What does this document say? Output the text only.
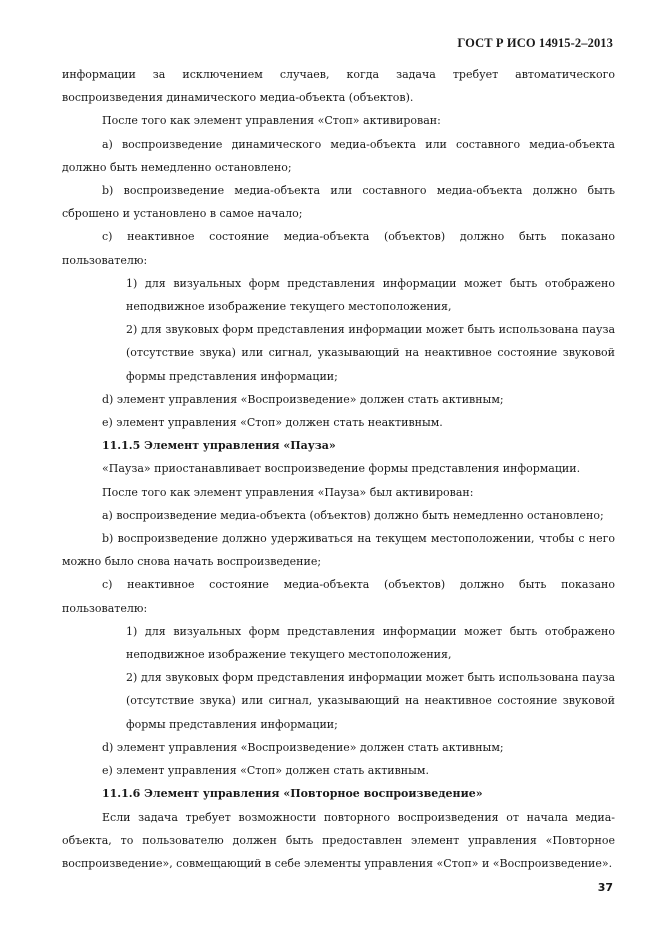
ГОСТ Р ИСО 14915-2–2013

информации за исключением случаев, когда задача требует автоматического воспроизведения динамического медиа-объекта (объектов).

После того как элемент управления «Стоп» активирован:

a) воспроизведение динамического медиа-объекта или составного медиа-объекта должно быть немедленно остановлено;

b) воспроизведение медиа-объекта или составного медиа-объекта должно быть сброшено и установлено в самое начало;

c) неактивное состояние медиа-объекта (объектов) должно быть показано пользователю:

1) для визуальных форм представления информации может быть отображено неподвижное изображение текущего местоположения,

2) для звуковых форм представления информации может быть использована пауза (отсутствие звука) или сигнал, указывающий на неактивное состояние звуковой формы представления информации;

d) элемент управления «Воспроизведение» должен стать активным;

e) элемент управления «Стоп» должен стать неактивным.

11.1.5 Элемент управления «Пауза»

«Пауза» приостанавливает воспроизведение формы представления информации.

После того как элемент управления «Пауза» был активирован:

a) воспроизведение медиа-объекта (объектов) должно быть немедленно остановлено;

b) воспроизведение должно удерживаться на текущем местоположении, чтобы с него можно было снова начать воспроизведение;

c) неактивное состояние медиа-объекта (объектов) должно быть показано пользователю:

1) для визуальных форм представления информации может быть отображено неподвижное изображение текущего местоположения,

2) для звуковых форм представления информации может быть использована пауза (отсутствие звука) или сигнал, указывающий на неактивное состояние звуковой формы представления информации;

d) элемент управления «Воспроизведение» должен стать активным;

e) элемент управления «Стоп» должен стать активным.

11.1.6 Элемент управления «Повторное воспроизведение»

Если задача требует возможности повторного воспроизведения от начала медиа-объекта, то пользователю должен быть предоставлен элемент управления «Повторное воспроизведение», совмещающий в себе элементы управления «Стоп» и «Воспроизведение».

37
